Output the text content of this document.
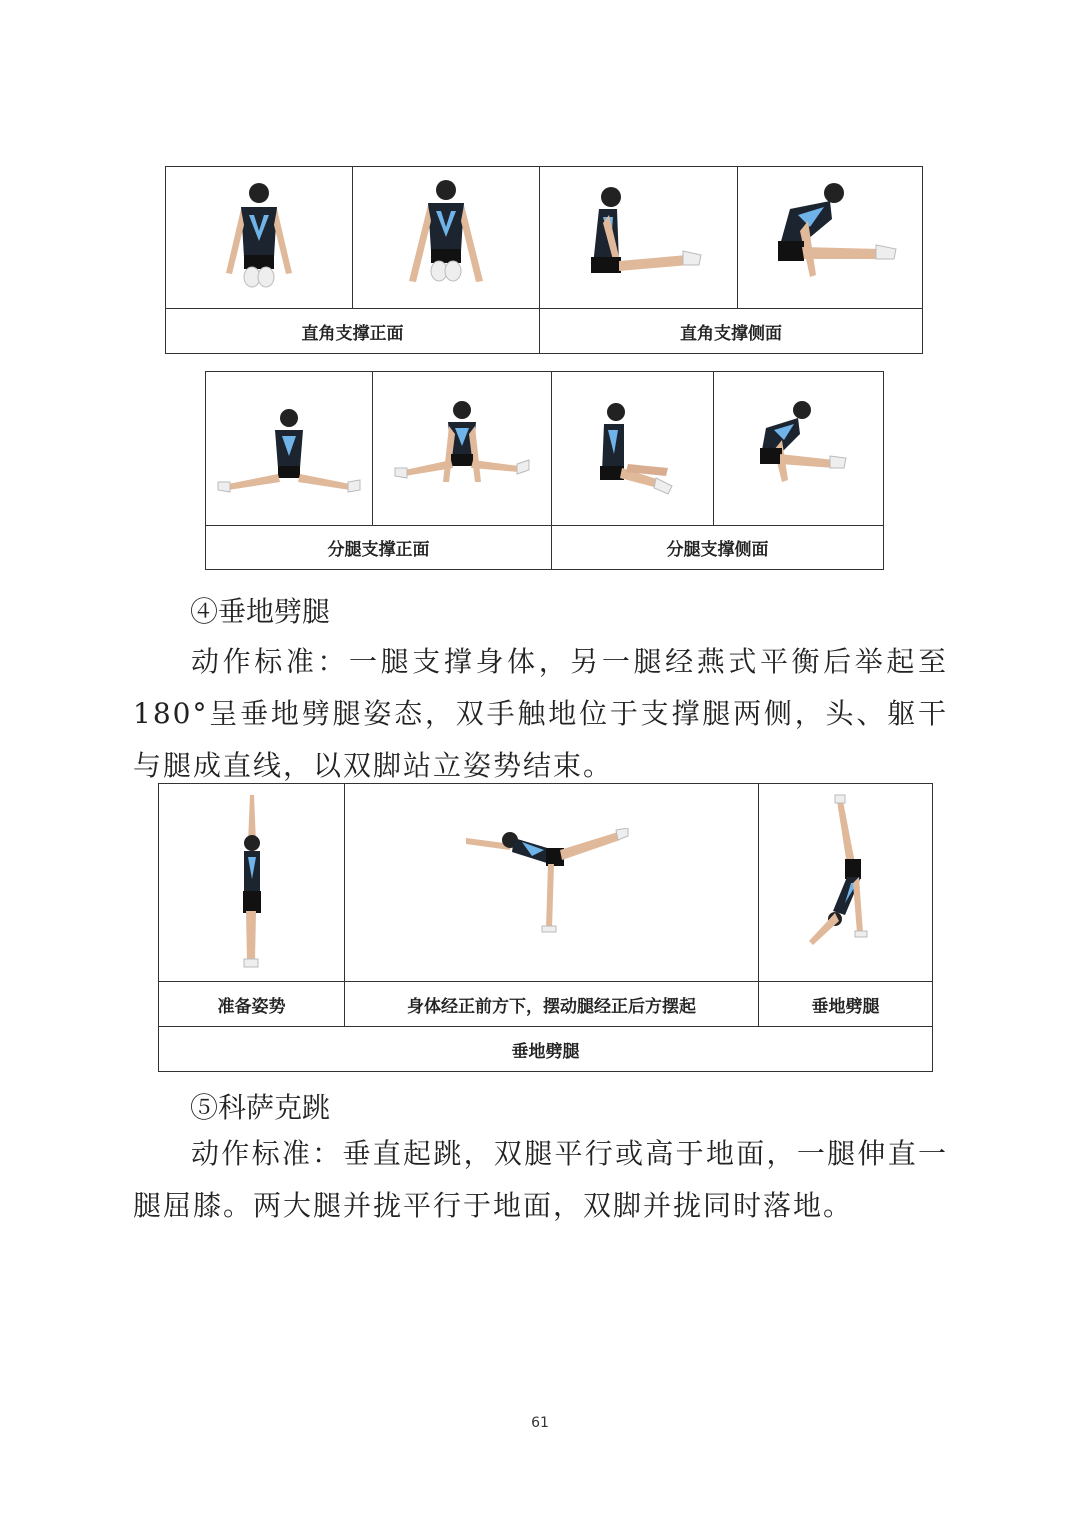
直角支撑正面		直角支撑侧面	

分腿支撑正面		分腿支撑侧面	
④垂地劈腿
动作标准：一腿支撑身体，另一腿经燕式平衡后举起至 180°呈垂地劈腿姿态，双手触地位于支撑腿两侧，头、躯干与腿成直线，以双脚站立姿势结束。

准备姿势	身体经正前方下，摆动腿经正后方摆起	垂地劈腿
垂地劈腿		
⑤科萨克跳
动作标准：垂直起跳，双腿平行或高于地面，一腿伸直一腿屈膝。两大腿并拢平行于地面，双脚并拢同时落地。
61
